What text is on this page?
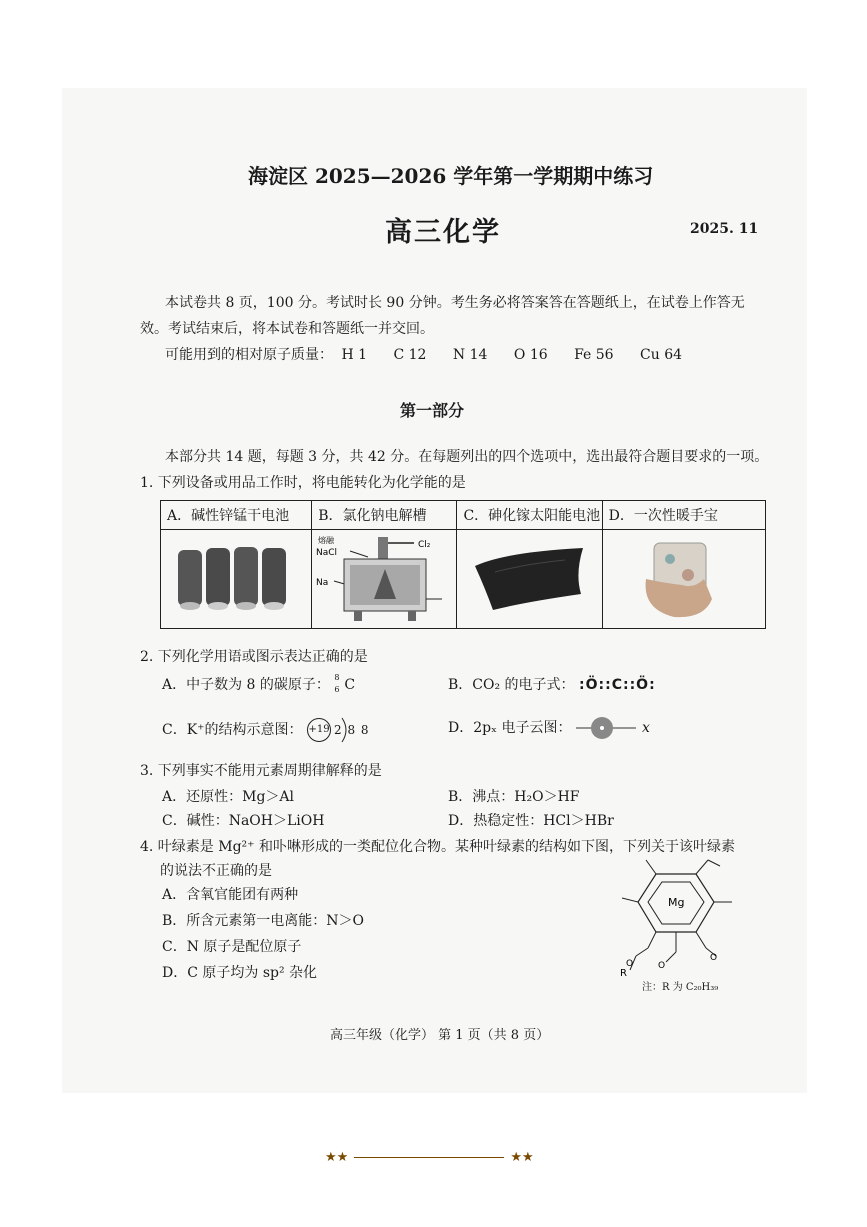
海淀区 2025—2026 学年第一学期期中练习
高三化学	2025. 11
本试卷共 8 页，100 分。考试时长 90 分钟。考生务必将答案答在答题纸上，在试卷上作答无
效。考试结束后，将本试卷和答题纸一并交回。
可能用到的相对原子质量： H 1 C 12 N 14 O 16 Fe 56 Cu 64
第一部分
本部分共 14 题，每题 3 分，共 42 分。在每题列出的四个选项中，选出最符合题目要求的一项。
1. 下列设备或用品工作时，将电能转化为化学能的是
A．碱性锌锰干电池	B．氯化钠电解槽	C．砷化镓太阳能电池	D．一次性暖手宝

熔融
NaCl
Na
Cl₂

2. 下列化学用语或图示表达正确的是
A．中子数为 8 的碳原子： 8
6 C	B．CO₂ 的电子式： :Ö::C::Ö:
C．K⁺的结构示意图： +19 2 8 8	D．2pₓ 电子云图：	x
3. 下列事实不能用元素周期律解释的是
A．还原性：Mg＞Al	B．沸点：H₂O＞HF
C．碱性：NaOH＞LiOH	D．热稳定性：HCl＞HBr
4. 叶绿素是 Mg²⁺ 和卟啉形成的一类配位化合物。某种叶绿素的结构如下图，下列关于该叶绿素
的说法不正确的是
A．含氧官能团有两种
B．所含元素第一电离能：N＞O
C．N 原子是配位原子
D．C 原子均为 sp² 杂化
Mg
R
O	O
O
注：R 为 C₂₀H₃₉
高三年级（化学） 第 1 页（共 8 页）
★★	★★
